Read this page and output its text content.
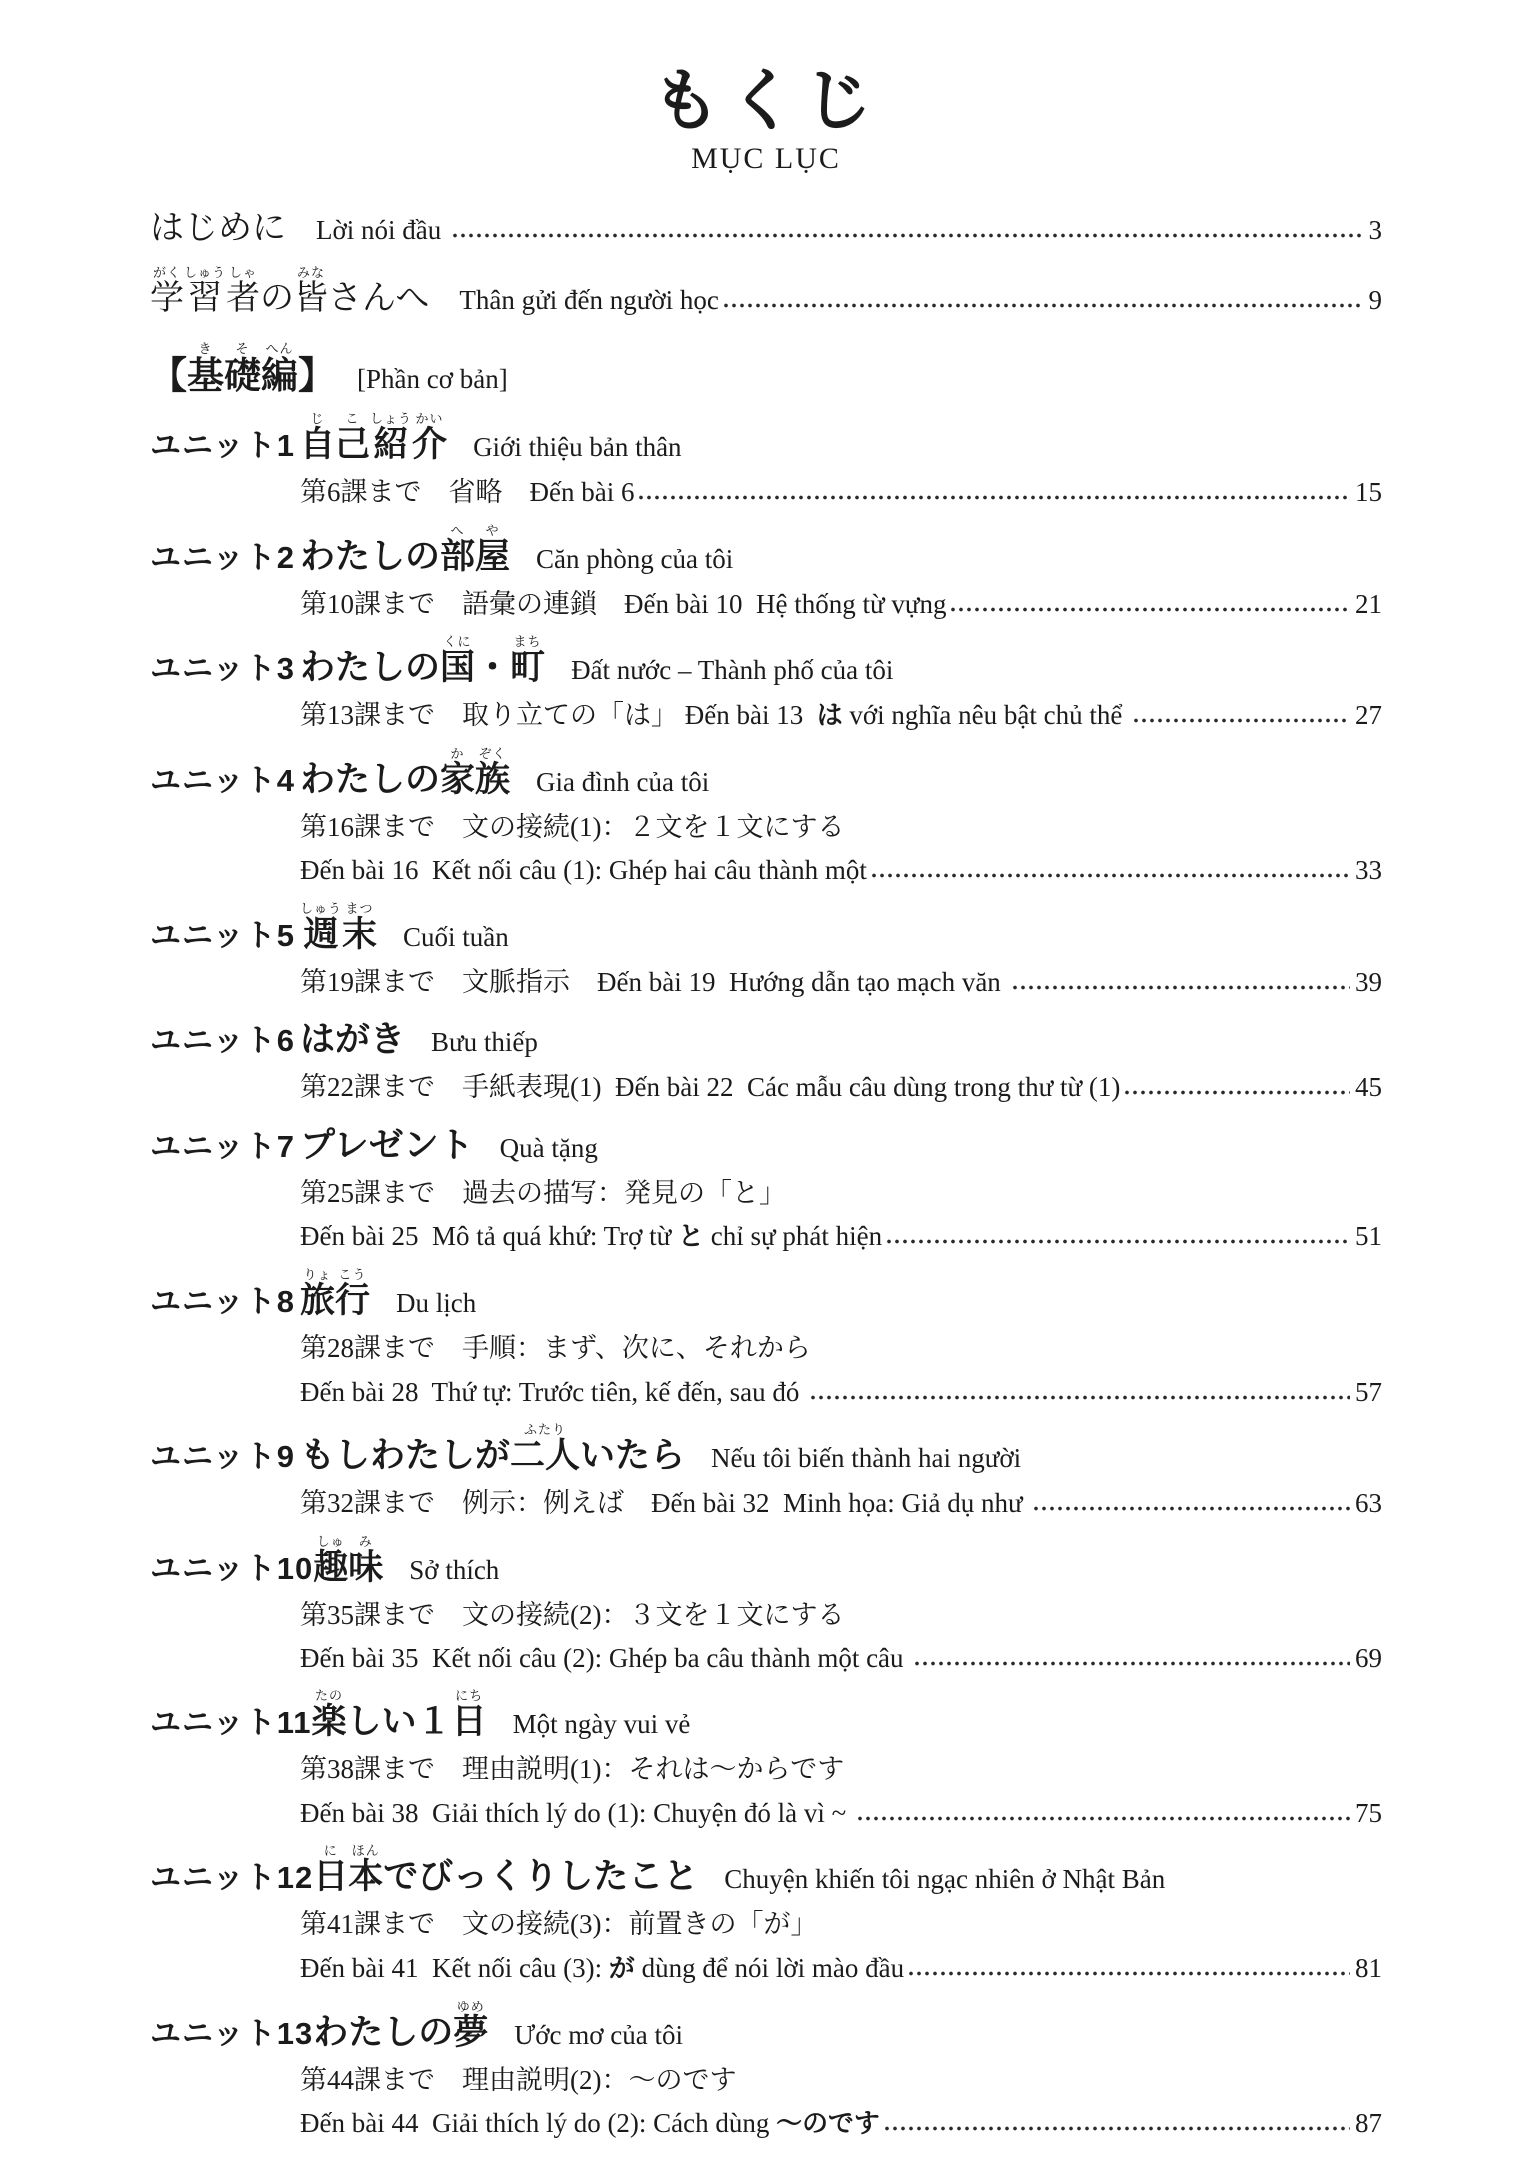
もくじ
MỤC LỤC
はじめに Lời nói đầu	3
学がく習しゅう者しゃの皆みなさんへ Thân gửi đến người học	9
【基き礎そ編へん】 [Phần cơ bản]
ユニット1 自じ己こ紹しょう介かい
Giới thiệu bản thân
第6課まで　省略　Đến bài 6	15
ユニット2 わたしの部へ屋や
Căn phòng của tôi
第10課まで　語彙の連鎖　Đến bài 10  Hệ thống từ vựng	21
ユニット3 わたしの国くに・町まち
Đất nước – Thành phố của tôi
第13課まで　取り立ての「は」 Đến bài 13  は với nghĩa nêu bật chủ thể	27
ユニット4 わたしの家か族ぞく
Gia đình của tôi
第16課まで　文の接続(1)：２文を１文にする
Đến bài 16  Kết nối câu (1): Ghép hai câu thành một	33
ユニット5 週しゅう末まつ
Cuối tuần
第19課まで　文脈指示　Đến bài 19  Hướng dẫn tạo mạch văn	39
ユニット6 はがき Bưu thiếp
第22課まで　手紙表現(1)  Đến bài 22  Các mẫu câu dùng trong thư từ (1)	45
ユニット7 プレゼント Quà tặng
第25課まで　過去の描写：発見の「と」
Đến bài 25  Mô tả quá khứ: Trợ từ と chỉ sự phát hiện	51
ユニット8 旅りょ行こう
Du lịch
第28課まで　手順：まず、次に、それから
Đến bài 28  Thứ tự: Trước tiên, kế đến, sau đó	57
ユニット9 もしわたしが二人ふたりいたら Nếu tôi biến thành hai người
第32課まで　例示：例えば　Đến bài 32  Minh họa: Giả dụ như	63
ユニット10 趣しゅ味み
Sở thích
第35課まで　文の接続(2)：３文を１文にする
Đến bài 35  Kết nối câu (2): Ghép ba câu thành một câu	69
ユニット11 楽たのしい１日にち
Một ngày vui vẻ
第38課まで　理由説明(1)：それは～からです
Đến bài 38  Giải thích lý do (1): Chuyện đó là vì ~	75
ユニット12 日に本ほんでびっくりしたこと Chuyện khiến tôi ngạc nhiên ở Nhật Bản
第41課まで　文の接続(3)：前置きの「が」
Đến bài 41  Kết nối câu (3): が dùng để nói lời mào đầu	81
ユニット13 わたしの夢ゆめ
Ước mơ của tôi
第44課まで　理由説明(2)：～のです
Đến bài 44  Giải thích lý do (2): Cách dùng ～のです	87
